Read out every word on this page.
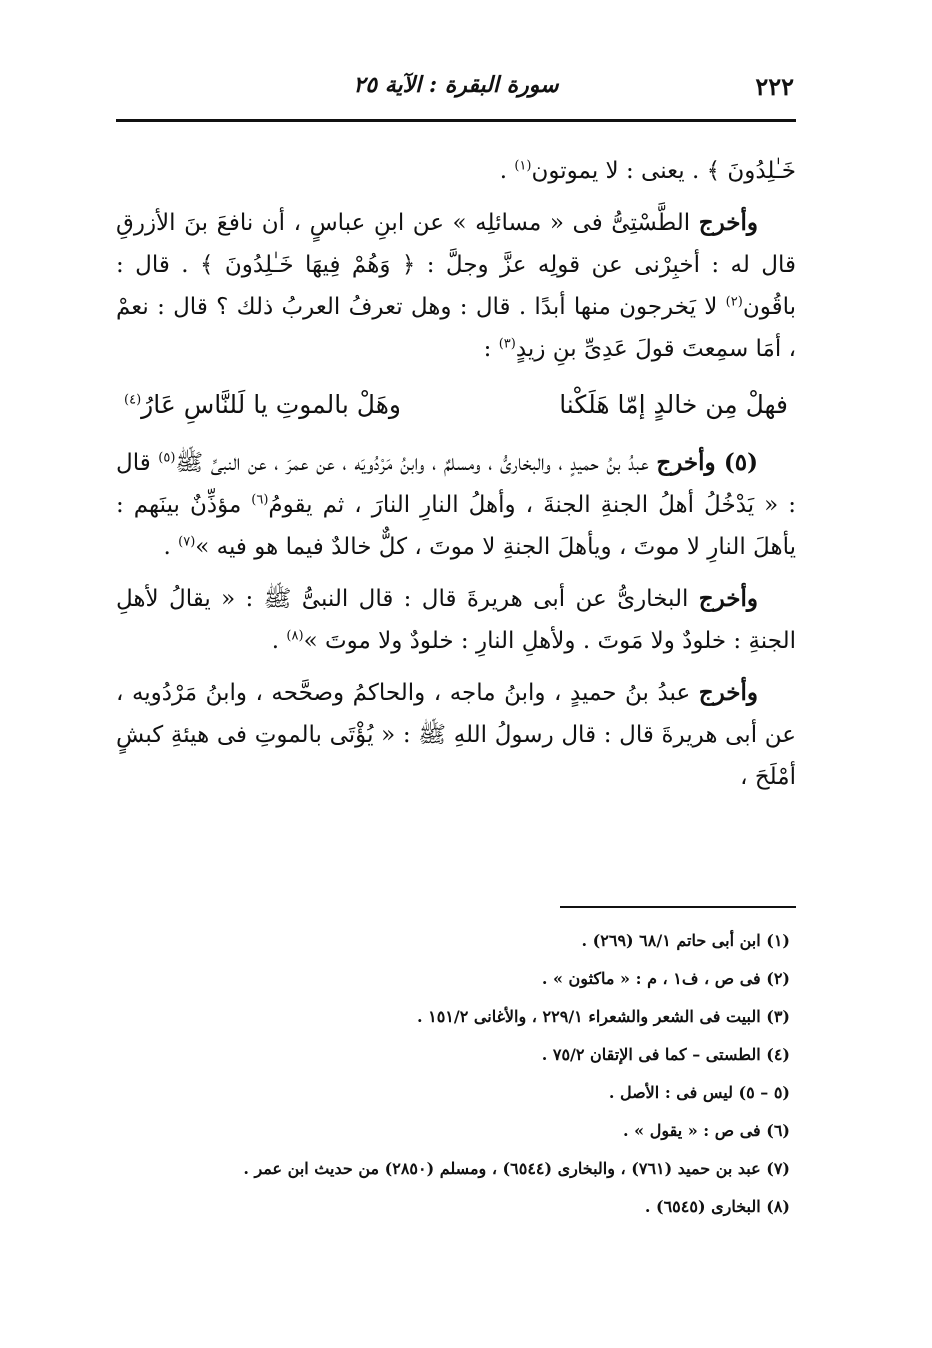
٢٢٢
سورة البقرة : الآية ٢٥

خَـٰلِدُونَ ﴾ . يعنى : لا يموتون$^{(١)}$ .

وأخرج الطَّسْتِىُّ فى « مسائلِه » عن ابنِ عباسٍ ، أن نافعَ بنَ الأزرقِ قال له : أخبِرْنى عن قولِه عزَّ وجلَّ : ﴿ وَهُمْ فِيهَا خَـٰلِدُونَ ﴾ . قال : باقُون$^{(٢)}$ لا يَخرجون منها أبدًا . قال : وهل تعرفُ العربُ ذلك ؟ قال : نعمْ ، أمَا سمِعتَ قولَ عَدِىِّ بنِ زيدٍ$^{(٣)}$ :

فهلْ مِن خالدٍ إمّا هَلَكْنا
وهَلْ بالموتِ يا لَلنَّاسِ عَارُ$^{(٤)}$

(٥) وأخرج عبدُ بنُ حميدٍ ، والبخارىُّ ، ومسلمٌ ، وابنُ مَرْدُويَه ، عن عمرَ ، عن النبىِّ ﷺ$^{(٥)}$ قال : « يَدْخُلُ أهلُ الجنةِ الجنةَ ، وأهلُ النارِ النارَ ، ثم يقومُ$^{(٦)}$ مؤذِّنٌ بينَهم : يأهلَ النارِ لا موتَ ، ويأهلَ الجنةِ لا موتَ ، كلٌّ خالدٌ فيما هو فيه »$^{(٧)}$ .

وأخرج البخارىُّ عن أبى هريرةَ قال : قال النبىُّ ﷺ : « يقالُ لأهلِ الجنةِ : خلودٌ ولا مَوتَ . ولأهلِ النارِ : خلودٌ ولا موتَ »$^{(٨)}$ .

وأخرج عبدُ بنُ حميدٍ ، وابنُ ماجه ، والحاكمُ وصحَّحه ، وابنُ مَرْدُويه ، عن أبى هريرةَ قال : قال رسولُ اللهِ ﷺ : « يُؤْتَى بالموتِ فى هيئةِ كبشٍ أمْلَحَ ،

(١) ابن أبى حاتم ٦٨/١ (٢٦٩) .

(٢) فى ص ، ف١ ، م : « ماكثون » .

(٣) البيت فى الشعر والشعراء ٢٢٩/١ ، والأغانى ١٥١/٢ .

(٤) الطستى – كما فى الإتقان ٧٥/٢ .

(٥ – ٥) ليس فى : الأصل .

(٦) فى ص : « يقول » .

(٧) عبد بن حميد (٧٦١) ، والبخارى (٦٥٤٤) ، ومسلم (٢٨٥٠) من حديث ابن عمر .

(٨) البخارى (٦٥٤٥) .
